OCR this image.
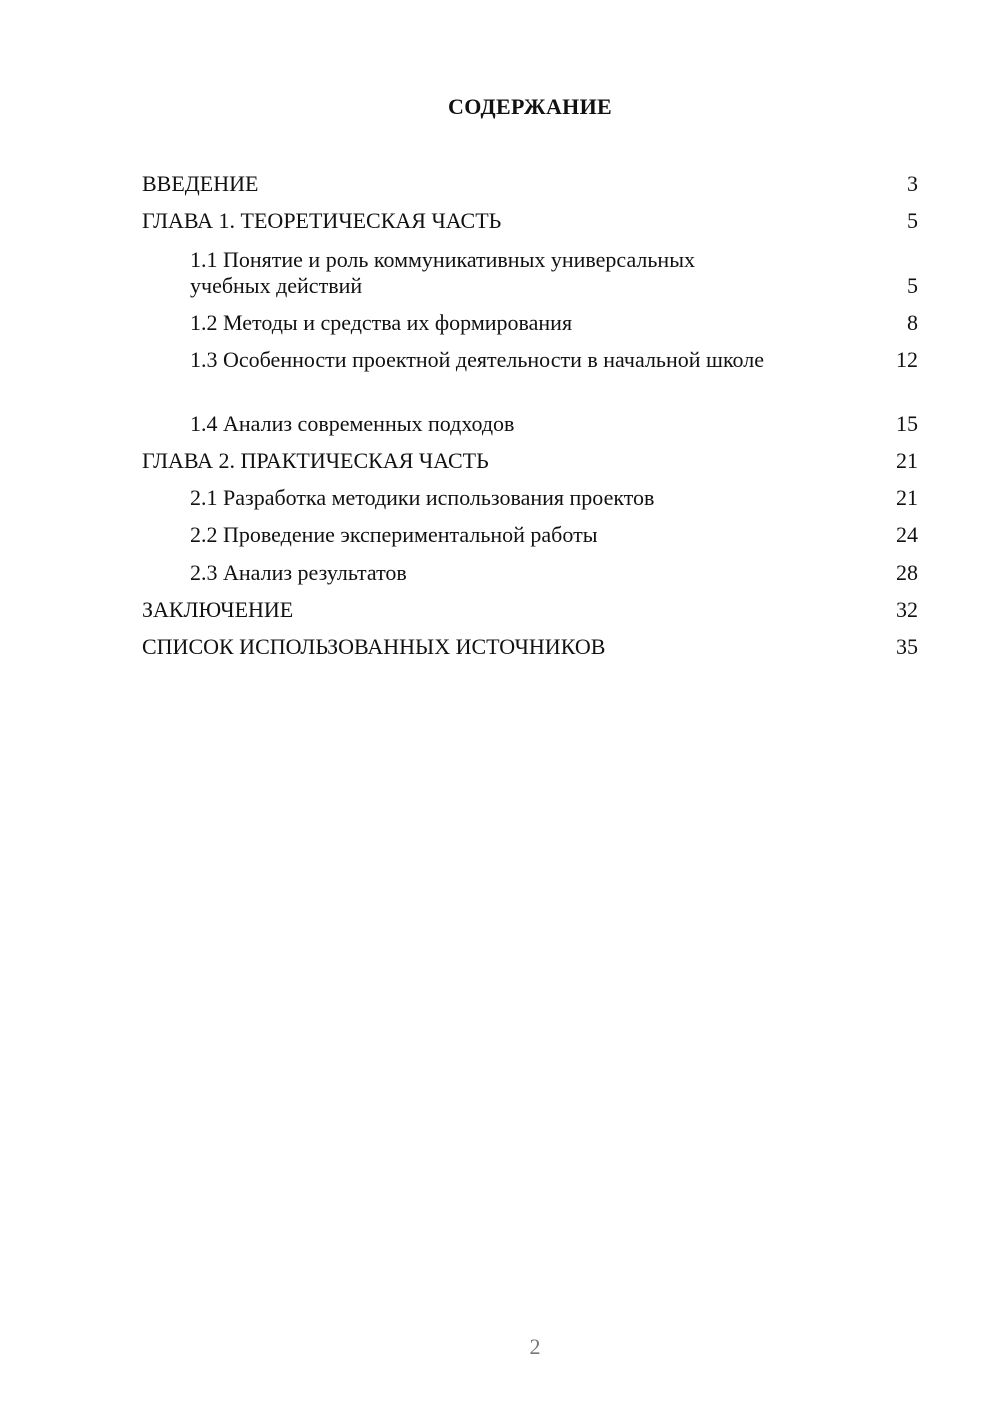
СОДЕРЖАНИЕ
ВВЕДЕНИЕ	3
ГЛАВА 1. ТЕОРЕТИЧЕСКАЯ ЧАСТЬ	5
1.1 Понятие и роль коммуникативных универсальных учебных действий	5
1.2 Методы и средства их формирования	8
1.3 Особенности проектной деятельности в начальной школе	12
1.4 Анализ современных подходов	15
ГЛАВА 2. ПРАКТИЧЕСКАЯ ЧАСТЬ	21
2.1 Разработка методики использования проектов	21
2.2 Проведение экспериментальной работы	24
2.3 Анализ результатов	28
ЗАКЛЮЧЕНИЕ	32
СПИСОК ИСПОЛЬЗОВАННЫХ ИСТОЧНИКОВ	35
2
